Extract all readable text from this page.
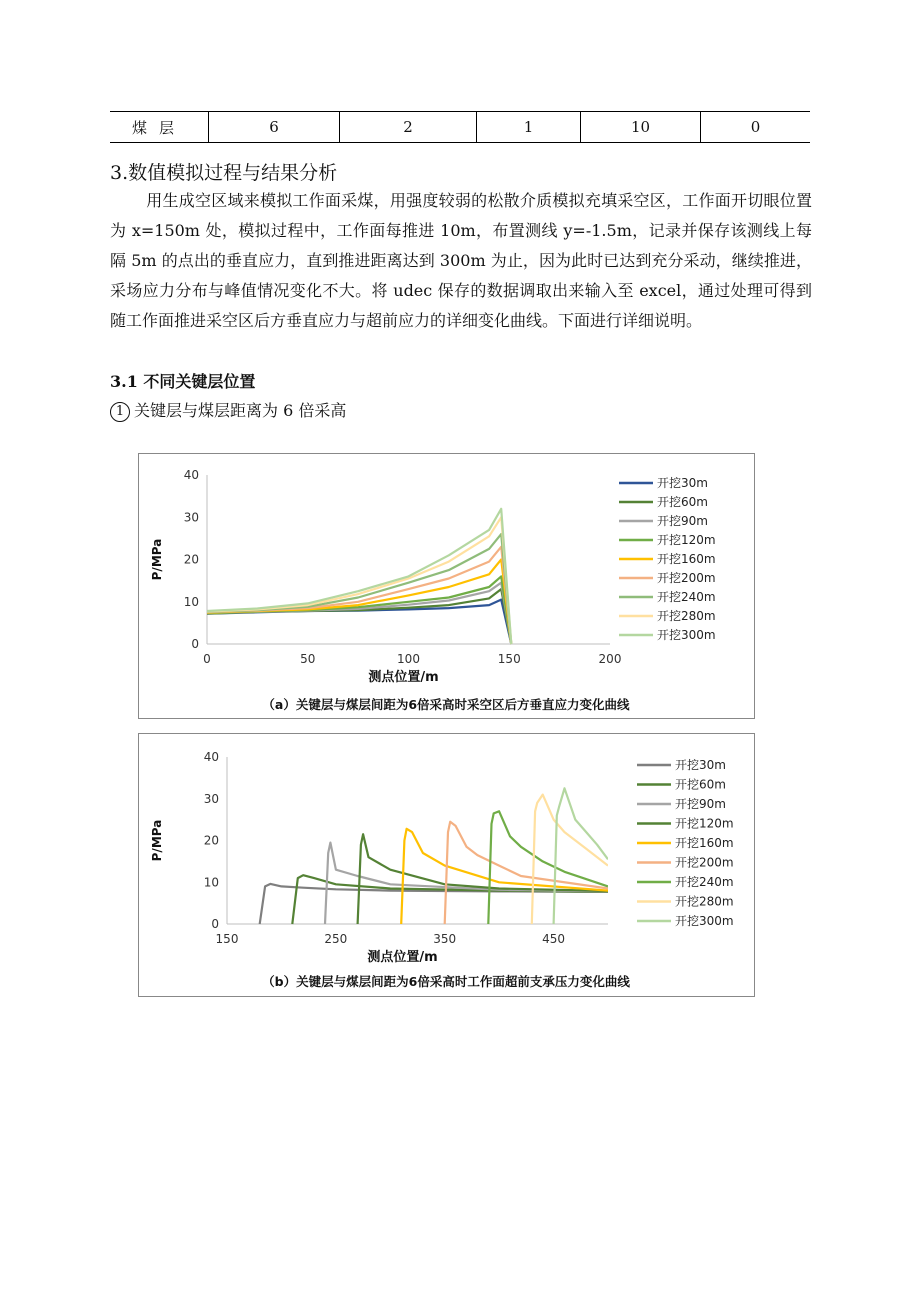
煤层	6	2	1	10	0
3.数值模拟过程与结果分析
用生成空区域来模拟工作面采煤，用强度较弱的松散介质模拟充填采空区，工作面开切眼位置为 x=150m 处，模拟过程中，工作面每推进 10m，布置测线 y=-1.5m，记录并保存该测线上每隔 5m 的点出的垂直应力，直到推进距离达到 300m 为止，因为此时已达到充分采动，继续推进，采场应力分布与峰值情况变化不大。将 udec 保存的数据调取出来输入至 excel，通过处理可得到随工作面推进采空区后方垂直应力与超前应力的详细变化曲线。下面进行详细说明。
3.1 不同关键层位置
1 关键层与煤层距离为 6 倍采高
0
10
20
30
40
0	50	100	150	200
测点位置/m
P/MPa
开挖30m
开挖60m
开挖90m
开挖120m
开挖160m
开挖200m
开挖240m
开挖280m
开挖300m
（a）关键层与煤层间距为6倍采高时采空区后方垂直应力变化曲线
0
10
20
30
40
150	250	350	450
测点位置/m
P/MPa
开挖30m
开挖60m
开挖90m
开挖120m
开挖160m
开挖200m
开挖240m
开挖280m
开挖300m
（b）关键层与煤层间距为6倍采高时工作面超前支承压力变化曲线
